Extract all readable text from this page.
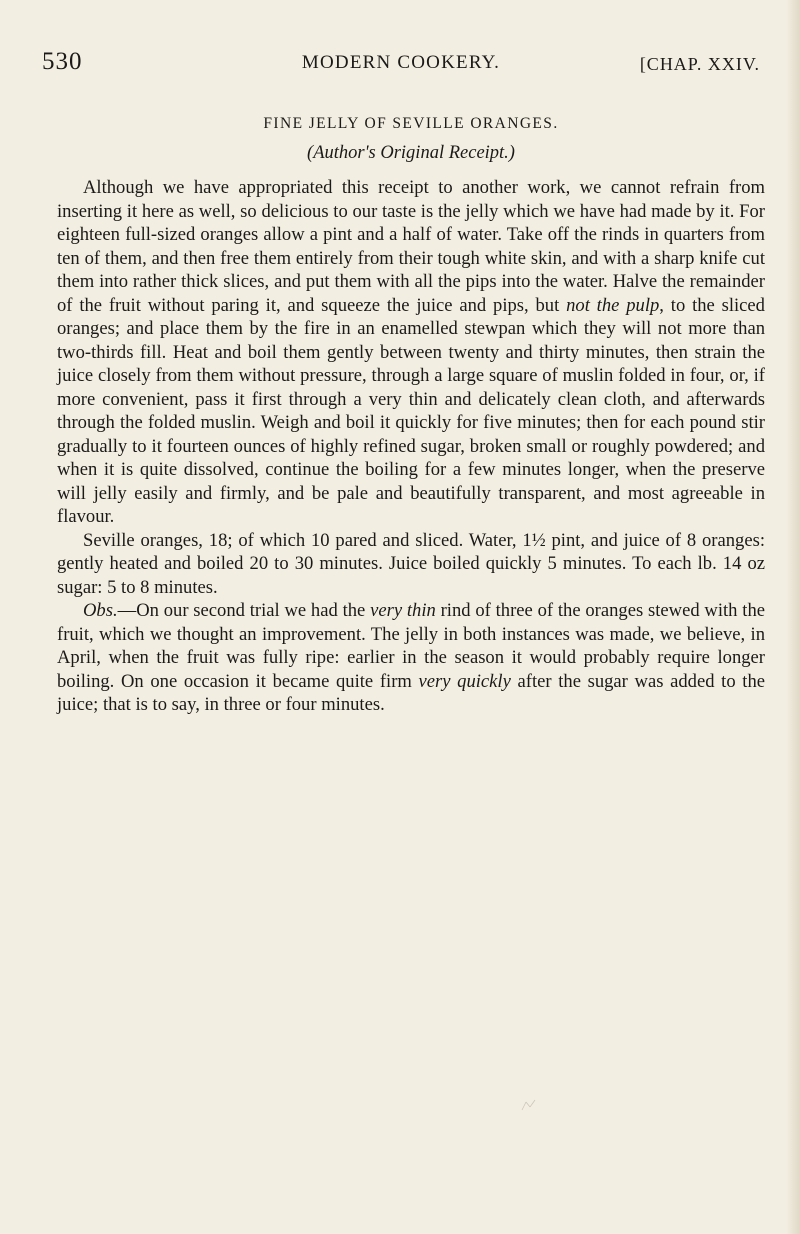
530	MODERN COOKERY.	[CHAP. XXIV.
FINE JELLY OF SEVILLE ORANGES.
(Author's Original Receipt.)

Although we have appropriated this receipt to another work, we cannot refrain from inserting it here as well, so delicious to our taste is the jelly which we have had made by it. For eighteen full-sized oranges allow a pint and a half of water. Take off the rinds in quarters from ten of them, and then free them entirely from their tough white skin, and with a sharp knife cut them into rather thick slices, and put them with all the pips into the water. Halve the remainder of the fruit without paring it, and squeeze the juice and pips, but not the pulp, to the sliced oranges; and place them by the fire in an enamelled stewpan which they will not more than two-thirds fill. Heat and boil them gently between twenty and thirty minutes, then strain the juice closely from them without pressure, through a large square of muslin folded in four, or, if more convenient, pass it first through a very thin and delicately clean cloth, and afterwards through the folded muslin. Weigh and boil it quickly for five minutes; then for each pound stir gradually to it fourteen ounces of highly refined sugar, broken small or roughly powdered; and when it is quite dissolved, continue the boiling for a few minutes longer, when the preserve will jelly easily and firmly, and be pale and beautifully transparent, and most agreeable in flavour.

Seville oranges, 18; of which 10 pared and sliced. Water, 1½ pint, and juice of 8 oranges: gently heated and boiled 20 to 30 minutes. Juice boiled quickly 5 minutes. To each lb. 14 oz sugar: 5 to 8 minutes.

Obs.—On our second trial we had the very thin rind of three of the oranges stewed with the fruit, which we thought an improvement. The jelly in both instances was made, we believe, in April, when the fruit was fully ripe: earlier in the season it would probably require longer boiling. On one occasion it became quite firm very quickly after the sugar was added to the juice; that is to say, in three or four minutes.
